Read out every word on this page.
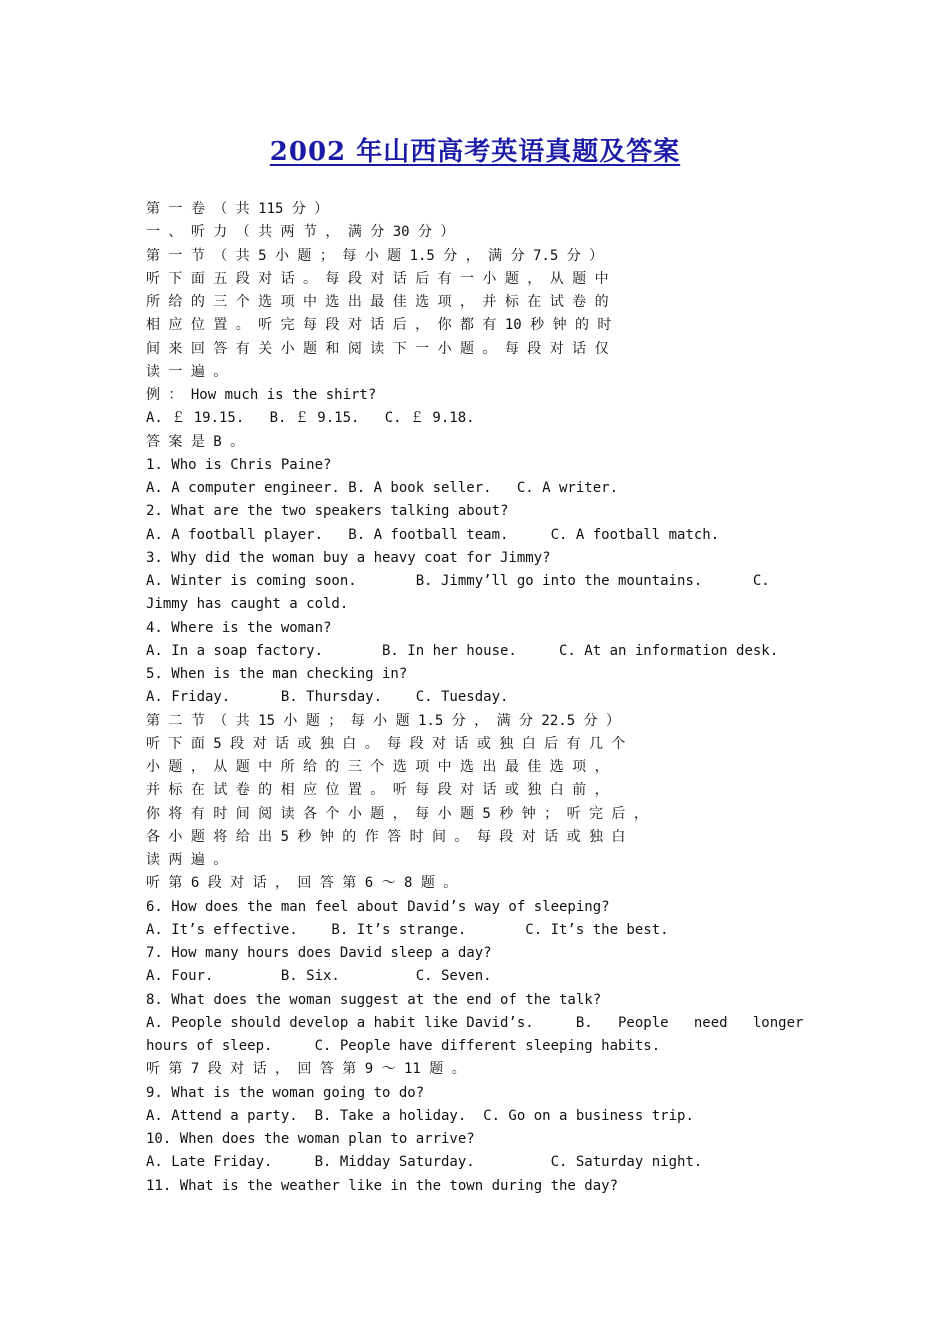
2002 年山西高考英语真题及答案
第 一 卷 （ 共 115 分 ）
一 、 听 力 （ 共 两 节 ， 满 分 30 分 ）
第 一 节 （ 共 5 小 题 ； 每 小 题 1.5 分 ， 满 分 7.5 分 ）
听 下 面 五 段 对 话 。 每 段 对 话 后 有 一 小 题 ， 从 题 中
所 给 的 三 个 选 项 中 选 出 最 佳 选 项 ， 并 标 在 试 卷 的
相 应 位 置 。 听 完 每 段 对 话 后 ， 你 都 有 10 秒 钟 的 时
间 来 回 答 有 关 小 题 和 阅 读 下 一 小 题 。 每 段 对 话 仅
读 一 遍 。
例 ： How much is the shirt?
A. ￡ 19.15.   B. ￡ 9.15.   C. ￡ 9.18.
答 案 是 B 。
1. Who is Chris Paine?
A. A computer engineer. B. A book seller.   C. A writer.
2. What are the two speakers talking about?
A. A football player.   B. A football team.     C. A football match.
3. Why did the woman buy a heavy coat for Jimmy?
A. Winter is coming soon.       B. Jimmy’ll go into the mountains.      C.
Jimmy has caught a cold.
4. Where is the woman?
A. In a soap factory.       B. In her house.     C. At an information desk.
5. When is the man checking in?
A. Friday.      B. Thursday.    C. Tuesday.
第 二 节 （ 共 15 小 题 ； 每 小 题 1.5 分 ， 满 分 22.5 分 ）
听 下 面 5 段 对 话 或 独 白 。 每 段 对 话 或 独 白 后 有 几 个
小 题 ， 从 题 中 所 给 的 三 个 选 项 中 选 出 最 佳 选 项 ，
并 标 在 试 卷 的 相 应 位 置 。 听 每 段 对 话 或 独 白 前 ，
你 将 有 时 间 阅 读 各 个 小 题 ， 每 小 题 5 秒 钟 ； 听 完 后 ，
各 小 题 将 给 出 5 秒 钟 的 作 答 时 间 。 每 段 对 话 或 独 白
读 两 遍 。
听 第 6 段 对 话 ， 回 答 第 6 ～ 8 题 。
6. How does the man feel about David’s way of sleeping?
A. It’s effective.    B. It’s strange.       C. It’s the best.
7. How many hours does David sleep a day?
A. Four.        B. Six.         C. Seven.
8. What does the woman suggest at the end of the talk?
A. People should develop a habit like David’s.     B.   People   need   longer
hours of sleep.     C. People have different sleeping habits.
听 第 7 段 对 话 ， 回 答 第 9 ～ 11 题 。
9. What is the woman going to do?
A. Attend a party.  B. Take a holiday.  C. Go on a business trip.
10. When does the woman plan to arrive?
A. Late Friday.     B. Midday Saturday.         C. Saturday night.
11. What is the weather like in the town during the day?
